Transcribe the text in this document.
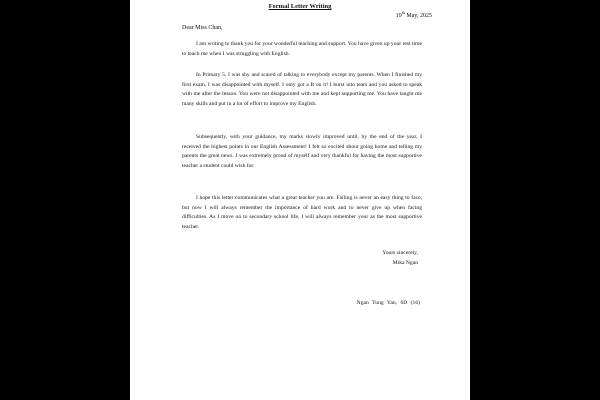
Formal Letter Writing
19th May, 2025
Dear Miss Chan,

I am writing to thank you for your wonderful teaching and support. You have given up your rest time to teach me when I was struggling with English.

In Primary 5, I was shy and scared of talking to everybody except my parents. When I finished my first exam, I was disappointed with myself. I only got a B on it! I burst into tears and you asked to speak with me after the lesson. You were not disappointed with me and kept supporting me. You have taught me many skills and put in a lot of effort to improve my English.

Subsequently, with your guidance, my marks slowly improved until, by the end of the year, I received the highest points in our English Assessment! I felt so excited about going home and telling my parents the great news. I was extremely proud of myself and very thankful for having the most supportive teacher a student could wish for.

I hope this letter communicates what a great teacher you are. Failing is never an easy thing to face, but now I will always remember the importance of hard work and to never give up when facing difficulties. As I move on to secondary school life, I will always remember your as the most supportive teacher.

Yours sincerely,
Mika Ngan
Ngan Tung Yan, 6D (16)
